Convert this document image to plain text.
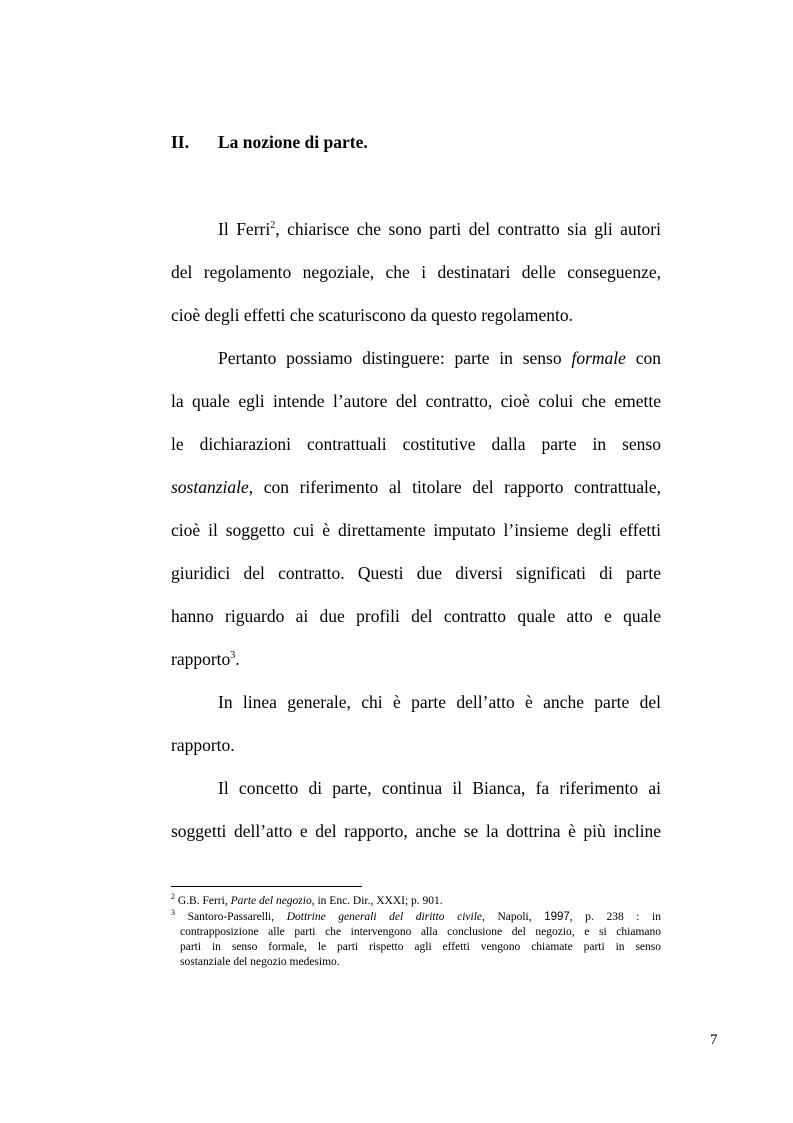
II. La nozione di parte.
Il Ferri$^2$, chiarisce che sono parti del contratto sia gli autori
del regolamento negoziale, che i destinatari delle conseguenze,
cioè degli effetti che scaturiscono da questo regolamento.
Pertanto possiamo distinguere: parte in senso formale con
la quale egli intende l’autore del contratto, cioè colui che emette
le dichiarazioni contrattuali costitutive dalla parte in senso
sostanziale, con riferimento al titolare del rapporto contrattuale,
cioè il soggetto cui è direttamente imputato l’insieme degli effetti
giuridici del contratto. Questi due diversi significati di parte
hanno riguardo ai due profili del contratto quale atto e quale
rapporto$^3$.
In linea generale, chi è parte dell’atto è anche parte del
rapporto.
Il concetto di parte, continua il Bianca, fa riferimento ai
soggetti dell’atto e del rapporto, anche se la dottrina è più incline
$^2$ G.B. Ferri, Parte del negozio, in Enc. Dir., XXXI; p. 901.
$^3$ Santoro-Passarelli, Dottrine generali del diritto civile, Napoli, 1997, p. 238 : in
contrapposizione alle parti che intervengono alla conclusione del negozio, e si chiamano
parti in senso formale, le parti rispetto agli effetti vengono chiamate parti in senso
sostanziale del negozio medesimo.
7
